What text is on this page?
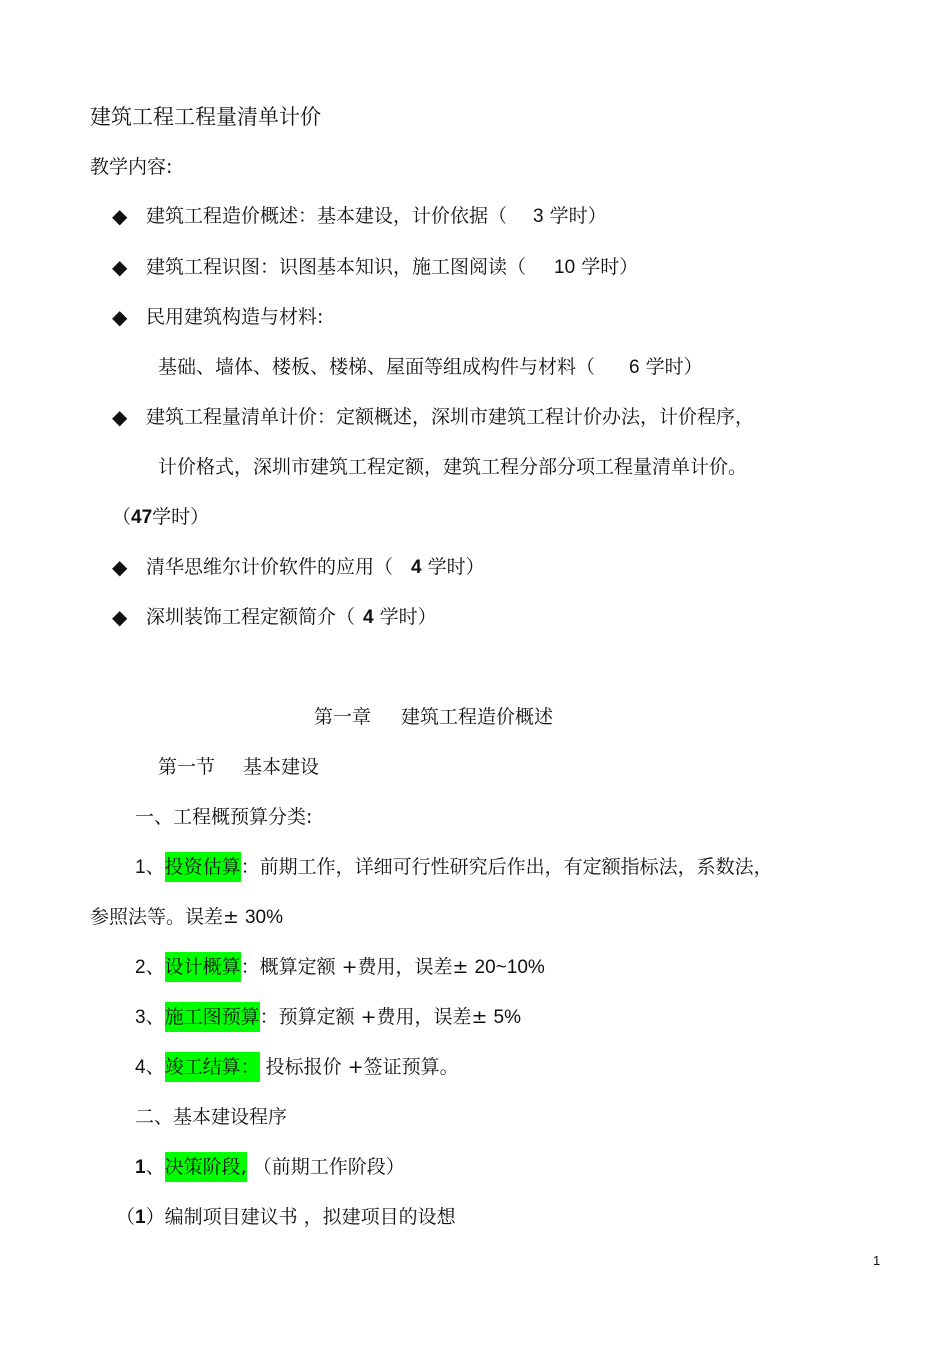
建筑工程工程量清单计价
教学内容:
◆ 建筑工程造价概述：基本建设，计价依据（ 3 学时）
◆ 建筑工程识图：识图基本知识，施工图阅读（ 10 学时）
◆ 民用建筑构造与材料:
基础、墙体、楼板、楼梯、屋面等组成构件与材料（ 6 学时）
◆ 建筑工程量清单计价：定额概述，深圳市建筑工程计价办法，计价程序，
计价格式，深圳市建筑工程定额，建筑工程分部分项工程量清单计价。
（47学时）
◆ 清华思维尔计价软件的应用（ 4 学时）
◆ 深圳装饰工程定额简介（ 4 学时）
第一章 建筑工程造价概述
第一节 基本建设
一、工程概预算分类:
1、投资估算：前期工作，详细可行性研究后作出，有定额指标法，系数法，
参照法等。误差± 30%
2、设计概算：概算定额 +费用，误差± 20~10%
3、施工图预算：预算定额 +费用，误差± 5%
4、竣工结算： 投标报价 +签证预算。
二、基本建设程序
1、决策阶段, （前期工作阶段）
（1）编制项目建议书 ，拟建项目的设想
1
